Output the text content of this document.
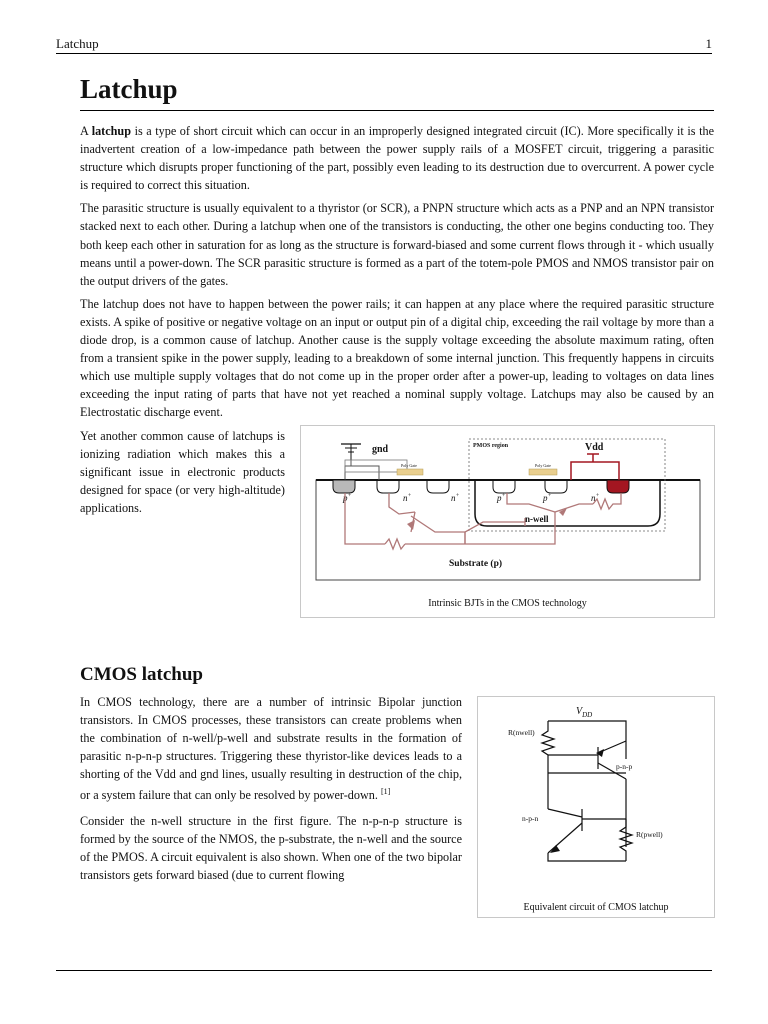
Latchup	1
Latchup

A latchup is a type of short circuit which can occur in an improperly designed integrated circuit (IC). More specifically it is the inadvertent creation of a low-impedance path between the power supply rails of a MOSFET circuit, triggering a parasitic structure which disrupts proper functioning of the part, possibly even leading to its destruction due to overcurrent. A power cycle is required to correct this situation.

The parasitic structure is usually equivalent to a thyristor (or SCR), a PNPN structure which acts as a PNP and an NPN transistor stacked next to each other. During a latchup when one of the transistors is conducting, the other one begins conducting too. They both keep each other in saturation for as long as the structure is forward-biased and some current flows through it - which usually means until a power-down. The SCR parasitic structure is formed as a part of the totem-pole PMOS and NMOS transistor pair on the output drivers of the gates.

The latchup does not have to happen between the power rails; it can happen at any place where the required parasitic structure exists. A spike of positive or negative voltage on an input or output pin of a digital chip, exceeding the rail voltage by more than a diode drop, is a common cause of latchup. Another cause is the supply voltage exceeding the absolute maximum rating, often from a transient spike in the power supply, leading to a breakdown of some internal junction. This frequently happens in circuits which use multiple supply voltages that do not come up in the proper order after a power-up, leading to voltages on data lines exceeding the input rating of parts that have not yet reached a nominal supply voltage. Latchups may also be caused by an Electrostatic discharge event.

Yet another common cause of latchups is ionizing radiation which makes this a significant issue in electronic products designed for space (or very high-altitude) applications.
PMOS region
gnd
Poly Gate
p+	n+	n+	p+	p+
Poly Gate
n+
Vdd
n-well
Substrate (p)
Intrinsic BJTs in the CMOS technology
CMOS latchup

In CMOS technology, there are a number of intrinsic Bipolar junction transistors. In CMOS processes, these transistors can create problems when the combination of n-well/p-well and substrate results in the formation of parasitic n-p-n-p structures. Triggering these thyristor-like devices leads to a shorting of the Vdd and gnd lines, usually resulting in destruction of the chip, or a system failure that can only be resolved by power-down. [1]

Consider the n-well structure in the first figure. The n-p-n-p structure is formed by the source of the NMOS, the p-substrate, the n-well and the source of the PMOS. A circuit equivalent is also shown. When one of the two bipolar transistors gets forward biased (due to current flowing

$V_{DD}$
R(nwell)
p-n-p
n-p-n
R(pwell)
Equivalent circuit of CMOS latchup
